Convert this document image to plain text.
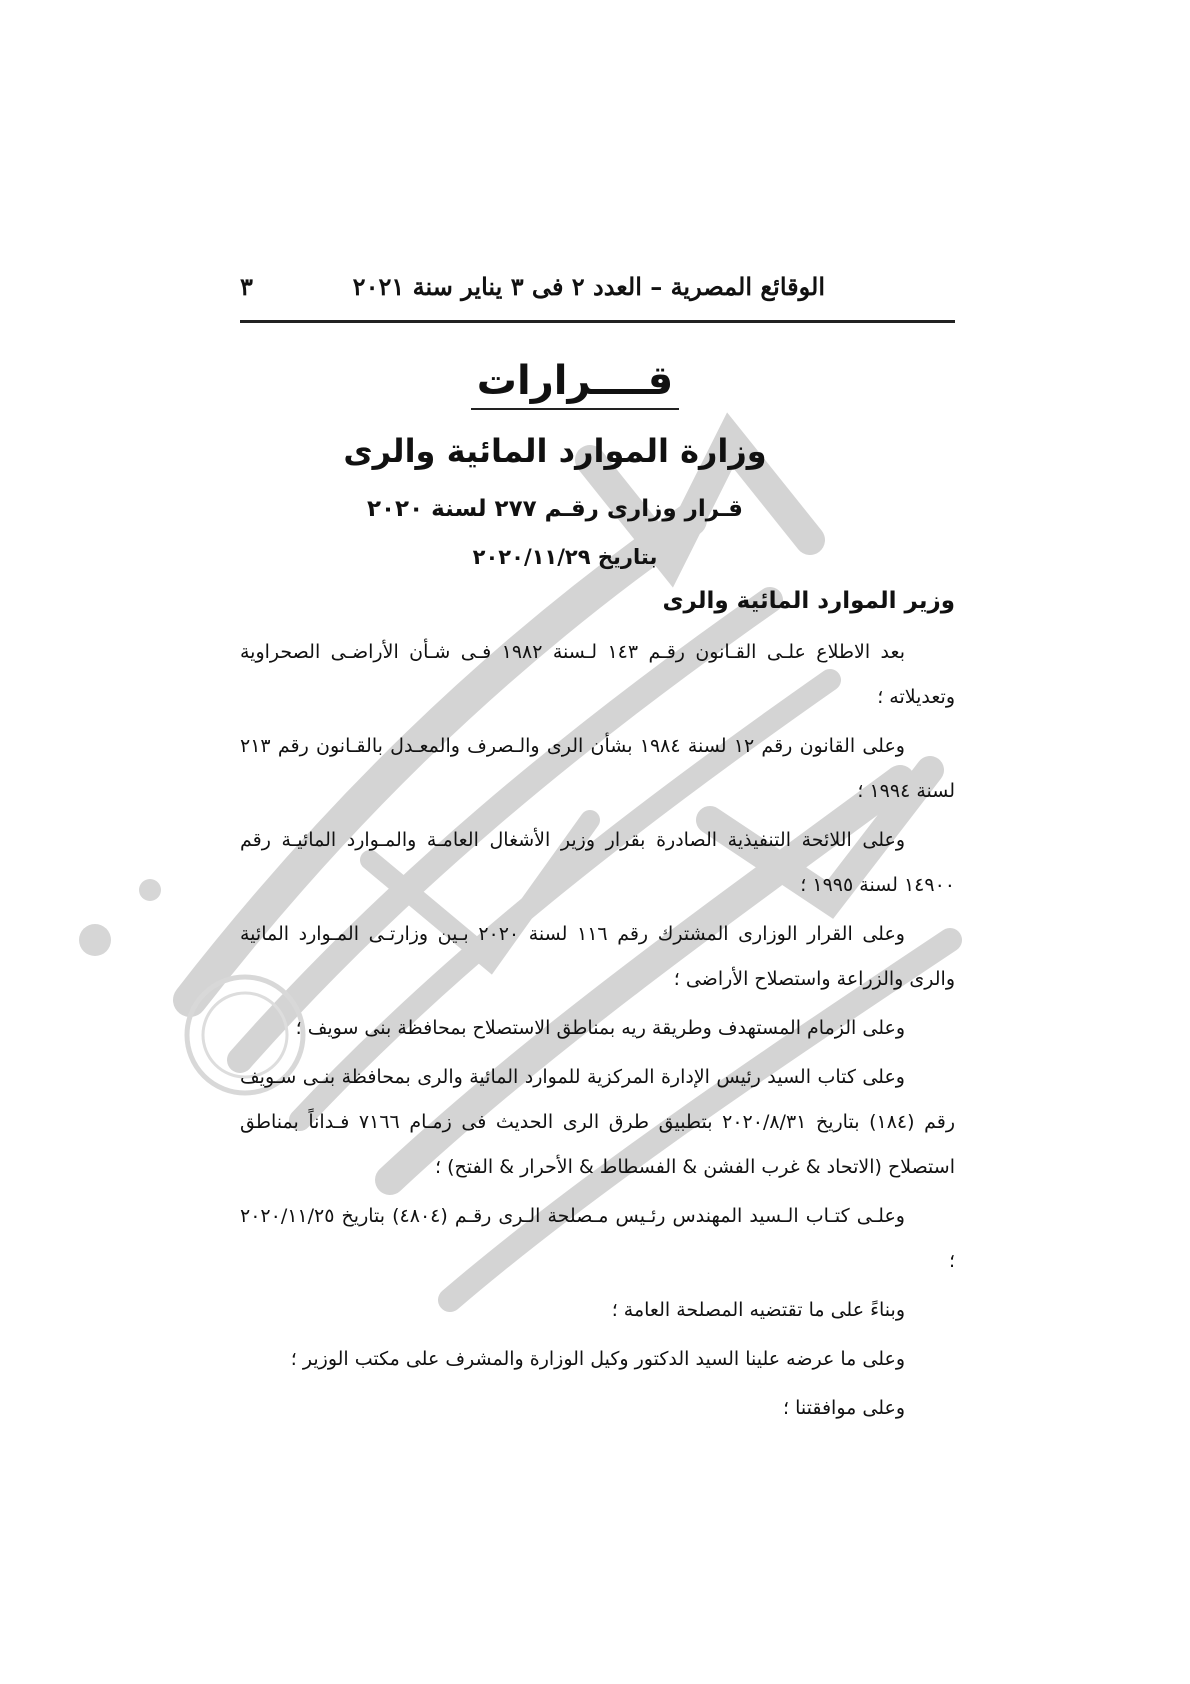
الوقائع المصرية – العدد ٢ فى ٣ يناير سنة ٢٠٢١
٣
قــــرارات
وزارة الموارد المائية والرى
قـرار وزارى رقـم ٢٧٧ لسنة ٢٠٢٠
بتاريخ ٢٠٢٠/١١/٢٩
وزير الموارد المائية والرى

بعد الاطلاع علـى القـانون رقـم ١٤٣ لـسنة ١٩٨٢ فـى شـأن الأراضـى الصحراوية وتعديلاته ؛

وعلى القانون رقم ١٢ لسنة ١٩٨٤ بشأن الرى والـصرف والمعـدل بالقـانون رقم ٢١٣ لسنة ١٩٩٤ ؛

وعلى اللائحة التنفيذية الصادرة بقرار وزير الأشغال العامـة والمـوارد المائيـة رقم ١٤٩٠٠ لسنة ١٩٩٥ ؛

وعلى القرار الوزارى المشترك رقم ١١٦ لسنة ٢٠٢٠ بـين وزارتـى المـوارد المائية والرى والزراعة واستصلاح الأراضى ؛

وعلى الزمام المستهدف وطريقة ريه بمناطق الاستصلاح بمحافظة بنى سويف ؛

وعلى كتاب السيد رئيس الإدارة المركزية للموارد المائية والرى بمحافظة بنـى سـويف رقم (١٨٤) بتاريخ ٢٠٢٠/٨/٣١ بتطبيق طرق الرى الحديث فى زمـام ٧١٦٦ فـداناً بمناطق استصلاح (الاتحاد & غرب الفشن & الفسطاط & الأحرار & الفتح) ؛

وعلـى كتـاب الـسيد المهندس رئـيس مـصلحة الـرى رقـم (٤٨٠٤) بتاريخ ٢٠٢٠/١١/٢٥ ؛

وبناءً على ما تقتضيه المصلحة العامة ؛

وعلى ما عرضه علينا السيد الدكتور وكيل الوزارة والمشرف على مكتب الوزير ؛

وعلى موافقتنا ؛
